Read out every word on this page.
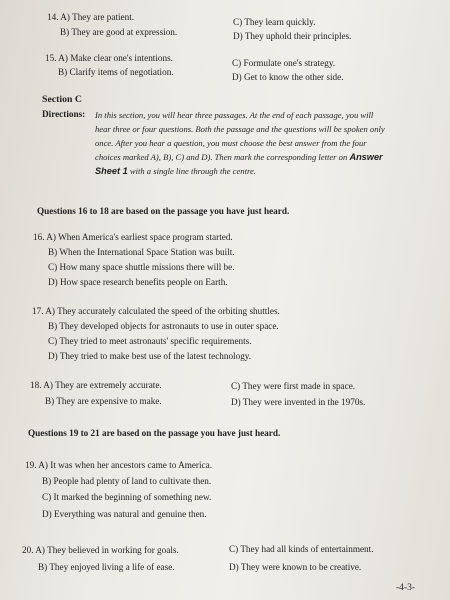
14. A) They are patient.
B) They are good at expression.
C) They learn quickly.
D) They uphold their principles.
15. A) Make clear one's intentions.
B) Clarify items of negotiation.
C) Formulate one's strategy.
D) Get to know the other side.
Section C
Directions: In this section, you will hear three passages. At the end of each passage, you will
hear three or four questions. Both the passage and the questions will be spoken only
once. After you hear a question, you must choose the best answer from the four
choices marked A), B), C) and D). Then mark the corresponding letter on Answer
Sheet 1 with a single line through the centre.
Questions 16 to 18 are based on the passage you have just heard.
16. A) When America's earliest space program started.
B) When the International Space Station was built.
C) How many space shuttle missions there will be.
D) How space research benefits people on Earth.
17. A) They accurately calculated the speed of the orbiting shuttles.
B) They developed objects for astronauts to use in outer space.
C) They tried to meet astronauts' specific requirements.
D) They tried to make best use of the latest technology.
18. A) They are extremely accurate.
B) They are expensive to make.
C) They were first made in space.
D) They were invented in the 1970s.
Questions 19 to 21 are based on the passage you have just heard.
19. A) It was when her ancestors came to America.
B) People had plenty of land to cultivate then.
C) It marked the beginning of something new.
D) Everything was natural and genuine then.
20. A) They believed in working for goals.
B) They enjoyed living a life of ease.
C) They had all kinds of entertainment.
D) They were known to be creative.
-4-3-
